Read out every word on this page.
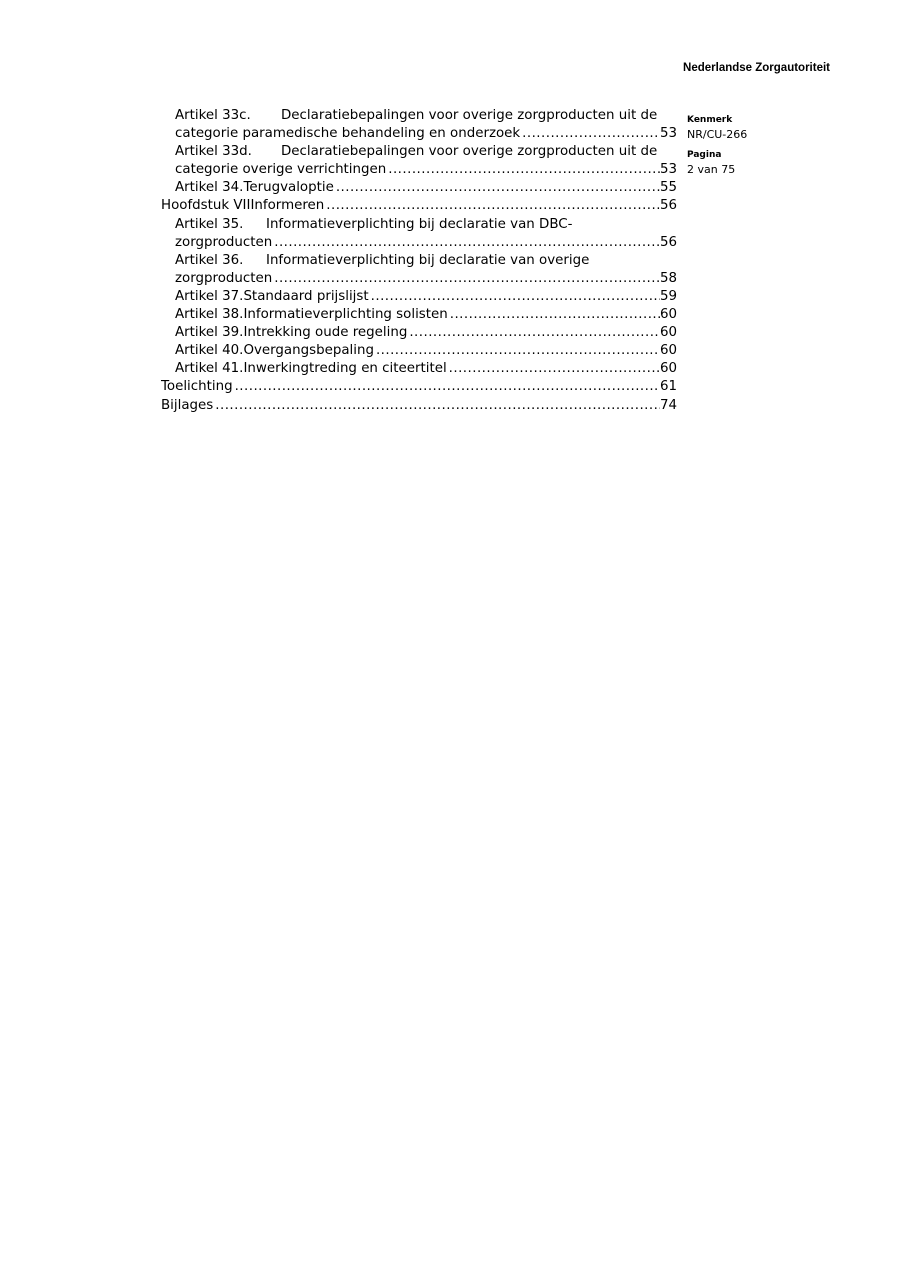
Nederlandse Zorgautoriteit
Kenmerk
NR/CU-266
Pagina
2 van 75
Artikel 33c.	Declaratiebepalingen voor overige zorgproducten uit de
categorie paramedische behandeling en onderzoek . . .	53
Artikel 33d.	Declaratiebepalingen voor overige zorgproducten uit de
categorie overige verrichtingen . . .	53
Artikel 34. Terugvaloptie . . .	55
Hoofdstuk VII Informeren . . .	56
Artikel 35.	Informatieverplichting bij declaratie van DBC-
zorgproducten . . .	56
Artikel 36.	Informatieverplichting bij declaratie van overige
zorgproducten . . .	58
Artikel 37. Standaard prijslijst . . .	59
Artikel 38. Informatieverplichting solisten . . .	60
Artikel 39. Intrekking oude regeling . . .	60
Artikel 40. Overgangsbepaling . . .	60
Artikel 41. Inwerkingtreding en citeertitel . . .	60
Toelichting . . .	61
Bijlages . . .	74
